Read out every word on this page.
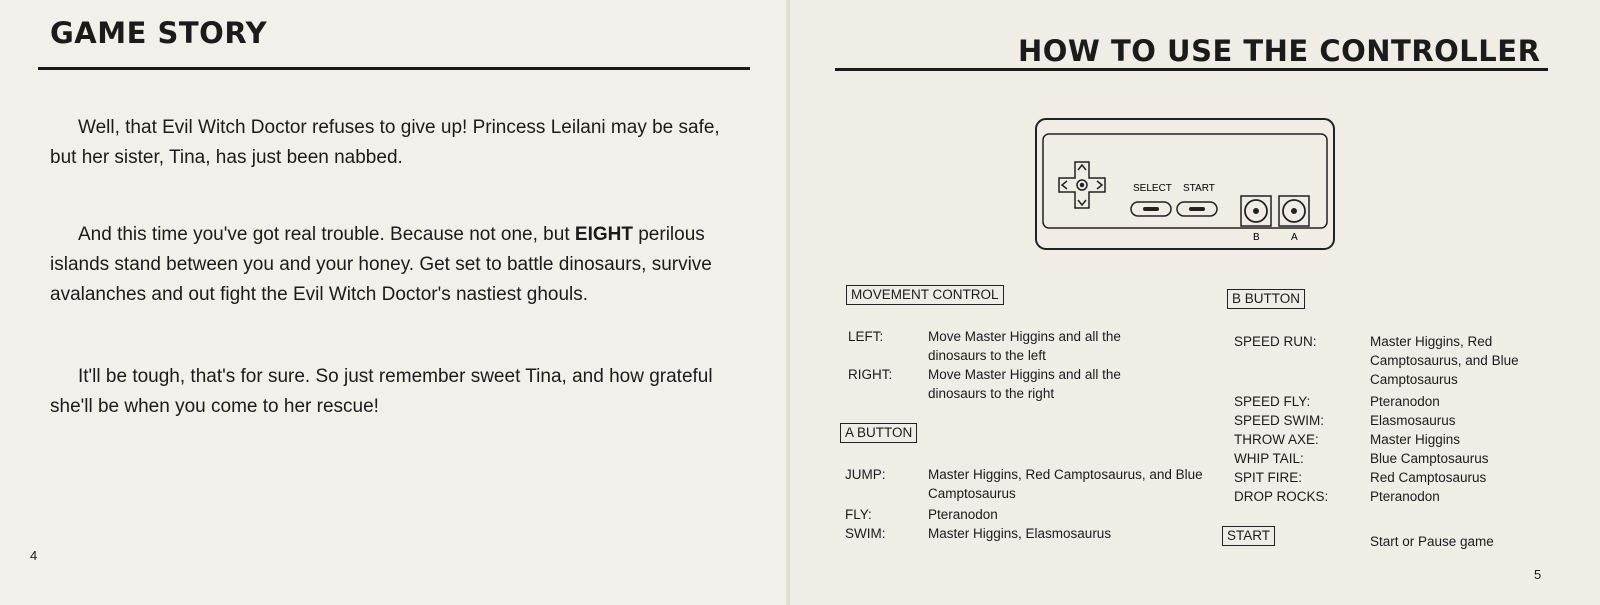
GAME STORY

Well, that Evil Witch Doctor refuses to give up! Princess Leilani may be safe, but her sister, Tina, has just been nabbed.

And this time you've got real trouble. Because not one, but EIGHT perilous islands stand between you and your honey. Get set to battle dinosaurs, survive avalanches and out fight the Evil Witch Doctor's nastiest ghouls.

It'll be tough, that's for sure. So just remember sweet Tina, and how grateful she'll be when you come to her rescue!

4
HOW TO USE THE CONTROLLER
SELECT START
B	A
MOVEMENT CONTROL
LEFT:	Move Master Higgins and all the dinosaurs to the left
RIGHT:	Move Master Higgins and all the dinosaurs to the right
A BUTTON
JUMP:	Master Higgins, Red Camptosaurus, and Blue Camptosaurus
FLY:	Pteranodon
SWIM:	Master Higgins, Elasmosaurus
B BUTTON
SPEED RUN:	Master Higgins, Red Camptosaurus, and Blue Camptosaurus
SPEED FLY:	Pteranodon
SPEED SWIM:	Elasmosaurus
THROW AXE:	Master Higgins
WHIP TAIL:	Blue Camptosaurus
SPIT FIRE:	Red Camptosaurus
DROP ROCKS:	Pteranodon
START	Start or Pause game
5
